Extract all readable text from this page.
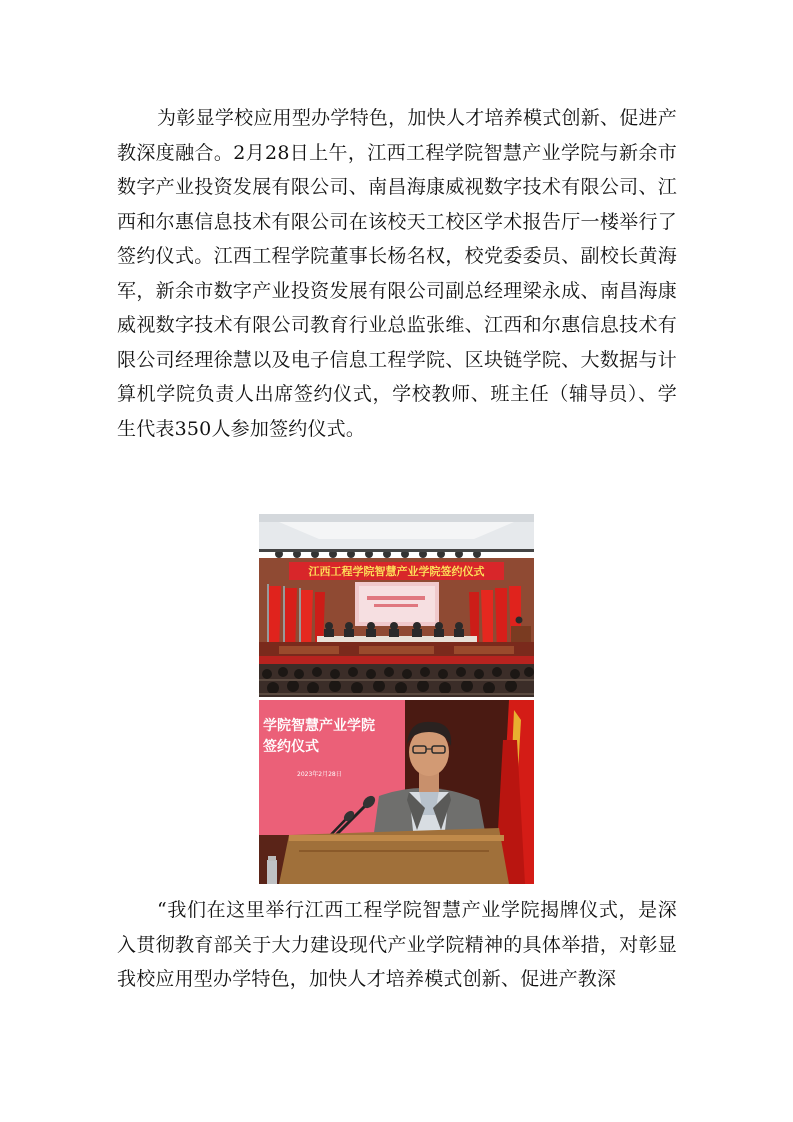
为彰显学校应用型办学特色，加快人才培养模式创新、促进产教深度融合。2月28日上午，江西工程学院智慧产业学院与新余市数字产业投资发展有限公司、南昌海康威视数字技术有限公司、江西和尔惠信息技术有限公司在该校天工校区学术报告厅一楼举行了签约仪式。江西工程学院董事长杨名权，校党委委员、副校长黄海军，新余市数字产业投资发展有限公司副总经理梁永成、南昌海康威视数字技术有限公司教育行业总监张维、江西和尔惠信息技术有限公司经理徐慧以及电子信息工程学院、区块链学院、大数据与计算机学院负责人出席签约仪式，学校教师、班主任（辅导员）、学生代表350人参加签约仪式。

江西工程学院智慧产业学院签约仪式
学院智慧产业学院
签约仪式
2023年2月28日

“我们在这里举行江西工程学院智慧产业学院揭牌仪式，是深入贯彻教育部关于大力建设现代产业学院精神的具体举措，对彰显我校应用型办学特色，加快人才培养模式创新、促进产教深
